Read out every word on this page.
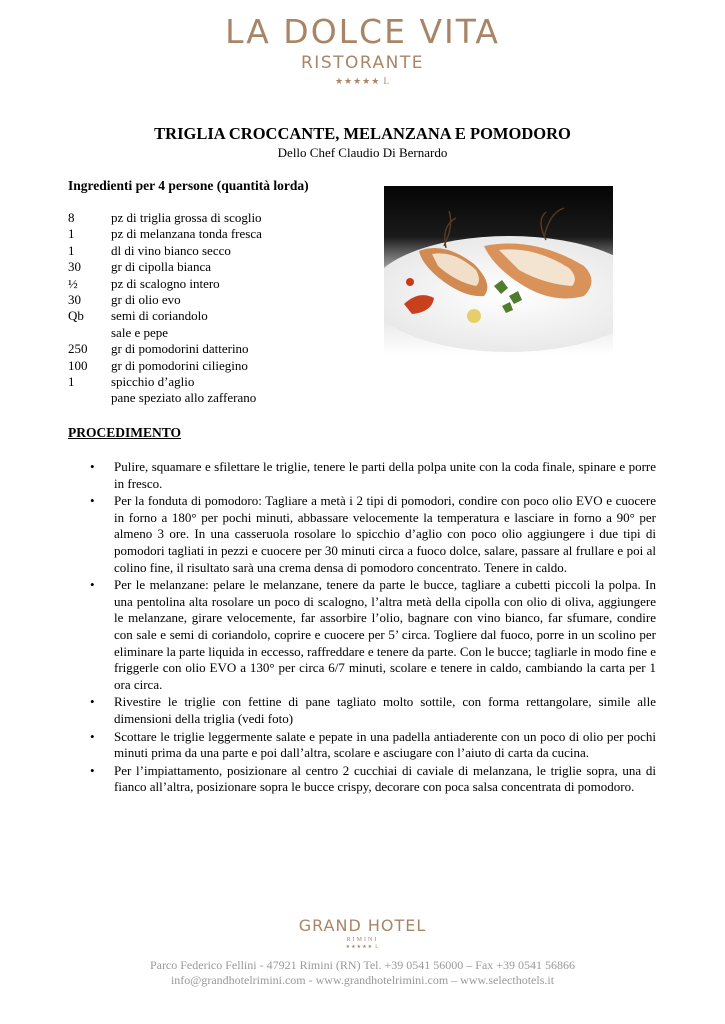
LA DOLCE VITA
RISTORANTE
★★★★★ L
TRIGLIA CROCCANTE, MELANZANA E POMODORO
Dello Chef Claudio Di Bernardo
Ingredienti per 4 persone (quantità lorda)
8	pz di triglia grossa di scoglio
1	pz di melanzana tonda fresca
1	dl di vino bianco secco
30 gr di cipolla bianca
½	pz di scalogno intero
30 gr di olio evo
Qb semi di coriandolo
sale e pepe
250 gr di pomodorini datterino
100 gr di pomodorini ciliegino
1	spicchio d’aglio
pane speziato allo zafferano
PROCEDIMENTO
• Pulire, squamare e sfilettare le triglie, tenere le parti della polpa unite con la coda finale, spinare e porre in fresco.
• Per la fonduta di pomodoro: Tagliare a metà i 2 tipi di pomodori, condire con poco olio EVO e cuocere in forno a 180° per pochi minuti, abbassare velocemente la temperatura e lasciare in forno a 90° per almeno 3 ore. In una casseruola rosolare lo spicchio d’aglio con poco olio aggiungere i due tipi di pomodori tagliati in pezzi e cuocere per 30 minuti circa a fuoco dolce, salare, passare al frullare e poi al colino fine, il risultato sarà una crema densa di pomodoro concentrato. Tenere in caldo.
• Per le melanzane: pelare le melanzane, tenere da parte le bucce, tagliare a cubetti piccoli la polpa. In una pentolina alta rosolare un poco di scalogno, l’altra metà della cipolla con olio di oliva, aggiungere le melanzane, girare velocemente, far assorbire l’olio, bagnare con vino bianco, far sfumare, condire con sale e semi di coriandolo, coprire e cuocere per 5’ circa. Togliere dal fuoco, porre in un scolino per eliminare la parte liquida in eccesso, raffreddare e tenere da parte. Con le bucce; tagliarle in modo fine e friggerle con olio EVO a 130° per circa 6/7 minuti, scolare e tenere in caldo, cambiando la carta per 1 ora circa.
• Rivestire le triglie con fettine di pane tagliato molto sottile, con forma rettangolare, simile alle dimensioni della triglia (vedi foto)
• Scottare le triglie leggermente salate e pepate in una padella antiaderente con un poco di olio per pochi minuti prima da una parte e poi dall’altra, scolare e asciugare con l’aiuto di carta da cucina.
• Per l’impiattamento, posizionare al centro 2 cucchiai di caviale di melanzana, le triglie sopra, una di fianco all’altra, posizionare sopra le bucce crispy, decorare con poca salsa concentrata di pomodoro.
GRAND HOTEL
RIMINI
★★★★★ L
Parco Federico Fellini - 47921 Rimini (RN) Tel. +39 0541 56000 – Fax +39 0541 56866
info@grandhotelrimini.com - www.grandhotelrimini.com – www.selecthotels.it
